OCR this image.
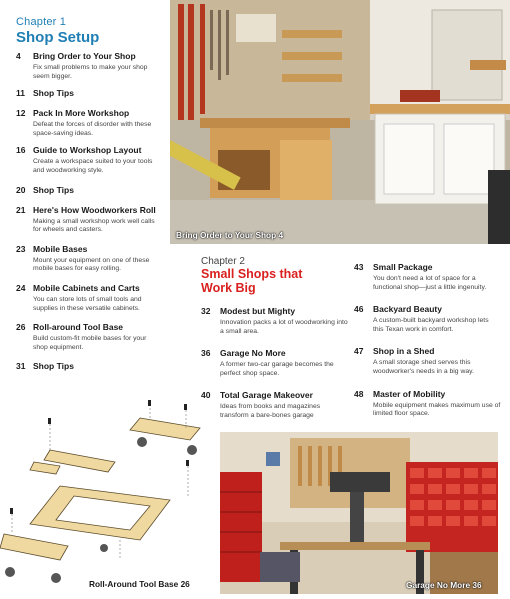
Chapter 1
Shop Setup
4	Bring Order to Your Shop
Fix small problems to make your shop seem bigger.
11 Shop Tips
12 Pack In More Workshop
Defeat the forces of disorder with these space-saving ideas.
16 Guide to Workshop Layout
Create a workspace suited to your tools and woodworking style.
20 Shop Tips
21 Here's How Woodworkers Roll
Making a small workshop work well calls for wheels and casters.
23 Mobile Bases
Mount your equipment on one of these mobile bases for easy rolling.
24 Mobile Cabinets and Carts
You can store lots of small tools and supplies in these versatile cabinets.
26 Roll-around Tool Base
Build custom-fit mobile bases for your shop equipment.
31 Shop Tips
Bring Order to Your Shop 4
Chapter 2
Small Shops that Work Big
32	Modest but Mighty
Innovation packs a lot of woodworking into a small area.
36	Garage No More
A former two-car garage becomes the perfect shop space.
40	Total Garage Makeover
Ideas from books and magazines transform a bare-bones garage
43	Small Package
You don't need a lot of space for a functional shop—just a little ingenuity.
46	Backyard Beauty
A custom-built backyard workshop lets this Texan work in comfort.
47	Shop in a Shed
A small storage shed serves this woodworker's needs in a big way.
48	Master of Mobility
Mobile equipment makes maximum use of limited floor space.
Roll-Around Tool Base 26	Garage No More 36
